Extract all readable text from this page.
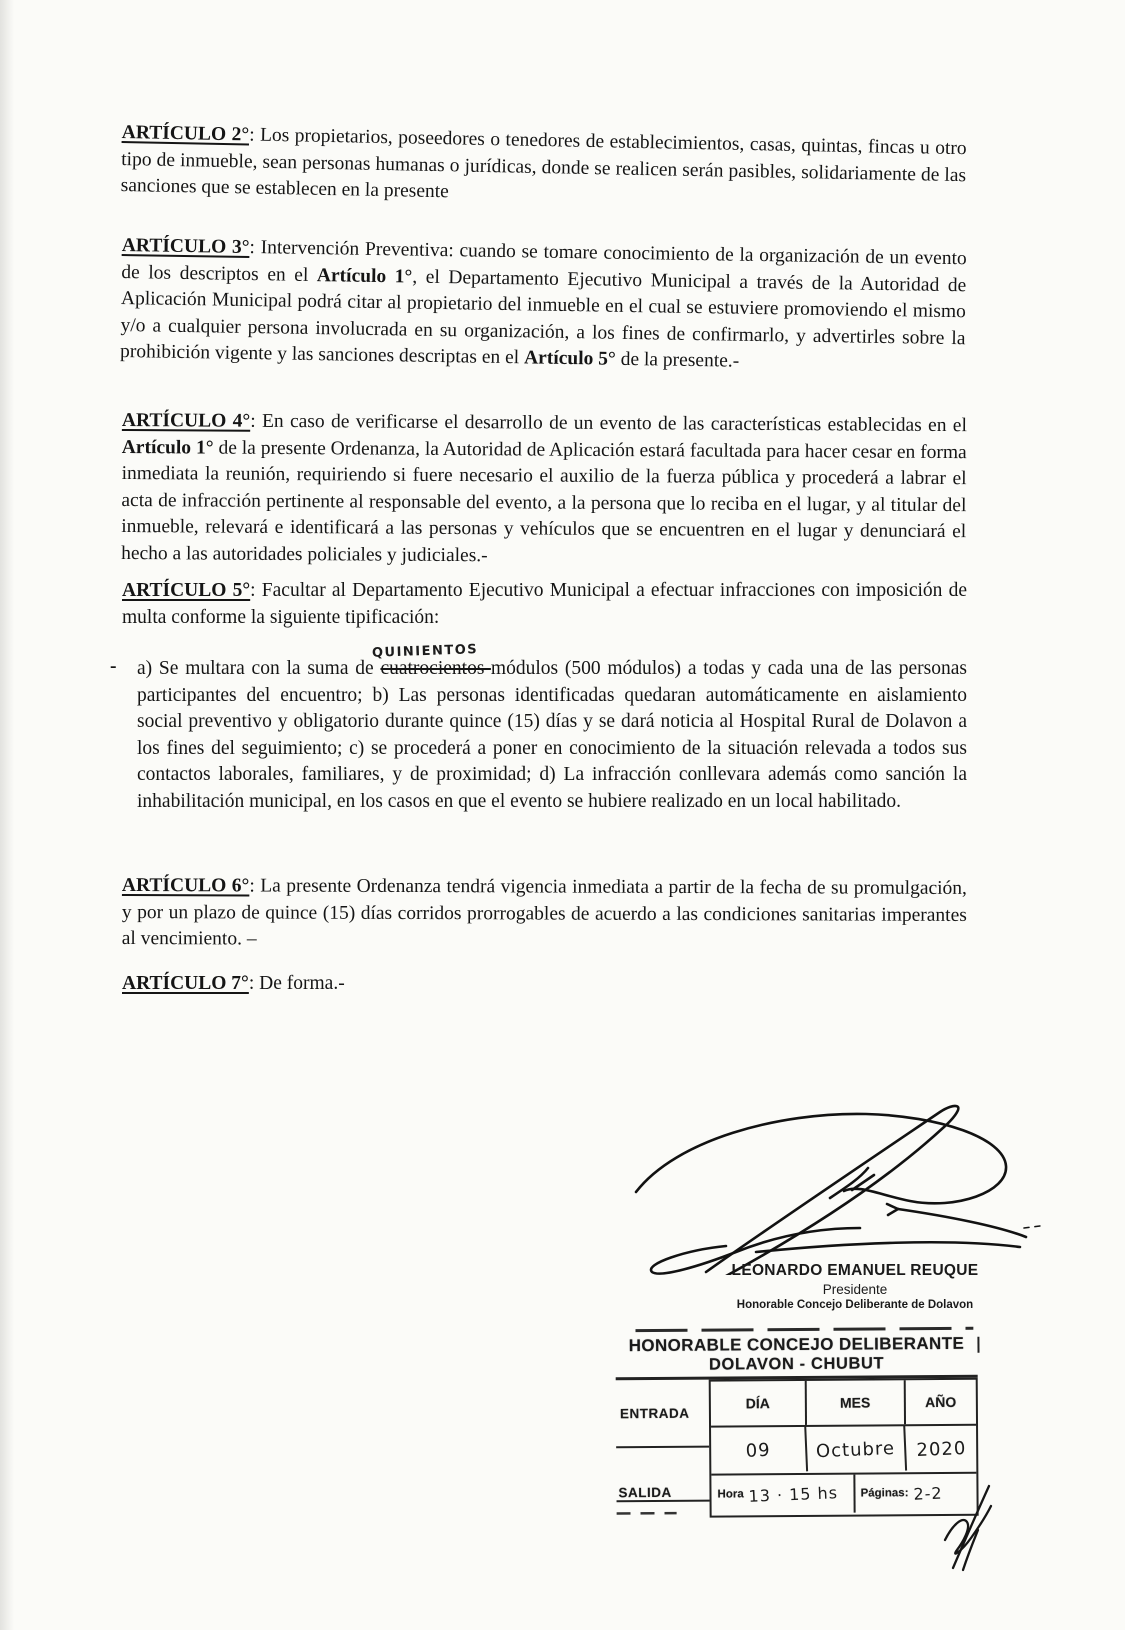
ARTÍCULO 2°: Los propietarios, poseedores o tenedores de establecimientos, casas, quintas, fincas u otro tipo de inmueble, sean personas humanas o jurídicas, donde se realicen serán pasibles, solidariamente de las sanciones que se establecen en la presente

ARTÍCULO 3°: Intervención Preventiva: cuando se tomare conocimiento de la organización de un evento de los descriptos en el Artículo 1°, el Departamento Ejecutivo Municipal a través de la Autoridad de Aplicación Municipal podrá citar al propietario del inmueble en el cual se estuviere promoviendo el mismo y/o a cualquier persona involucrada en su organización, a los fines de confirmarlo, y advertirles sobre la prohibición vigente y las sanciones descriptas en el Artículo 5° de la presente.-

ARTÍCULO 4°: En caso de verificarse el desarrollo de un evento de las características establecidas en el Artículo 1° de la presente Ordenanza, la Autoridad de Aplicación estará facultada para hacer cesar en forma inmediata la reunión, requiriendo si fuere necesario el auxilio de la fuerza pública y procederá a labrar el acta de infracción pertinente al responsable del evento, a la persona que lo reciba en el lugar, y al titular del inmueble, relevará e identificará a las personas y vehículos que se encuentren en el lugar y denunciará el hecho a las autoridades policiales y judiciales.-

ARTÍCULO 5°: Facultar al Departamento Ejecutivo Municipal a efectuar infracciones con imposición de multa conforme la siguiente tipificación:

- a) Se multara con la suma de cuatrocientos-
QUINIENTOS
módulos (500 módulos) a todas y cada una de las personas participantes del encuentro; b) Las personas identificadas quedaran automáticamente en aislamiento social preventivo y obligatorio durante quince (15) días y se dará noticia al Hospital Rural de Dolavon a los fines del seguimiento; c) se procederá a poner en conocimiento de la situación relevada a todos sus contactos laborales, familiares, y de proximidad; d) La infracción conllevara además como sanción la inhabilitación municipal, en los casos en que el evento se hubiere realizado en un local habilitado.

ARTÍCULO 6°: La presente Ordenanza tendrá vigencia inmediata a partir de la fecha de su promulgación, y por un plazo de quince (15) días corridos prorrogables de acuerdo a las condiciones sanitarias imperantes al vencimiento. –

ARTÍCULO 7°: De forma.-

LEONARDO EMANUEL REUQUE
Presidente
Honorable Concejo Deliberante de Dolavon
HONORABLE CONCEJO DELIBERANTE
DOLAVON - CHUBUT
ENTRADA
SALIDA
DÍA	MES	AÑO
09	Octubre	2020
Hora 13 · 15 hs Páginas: 2-2
